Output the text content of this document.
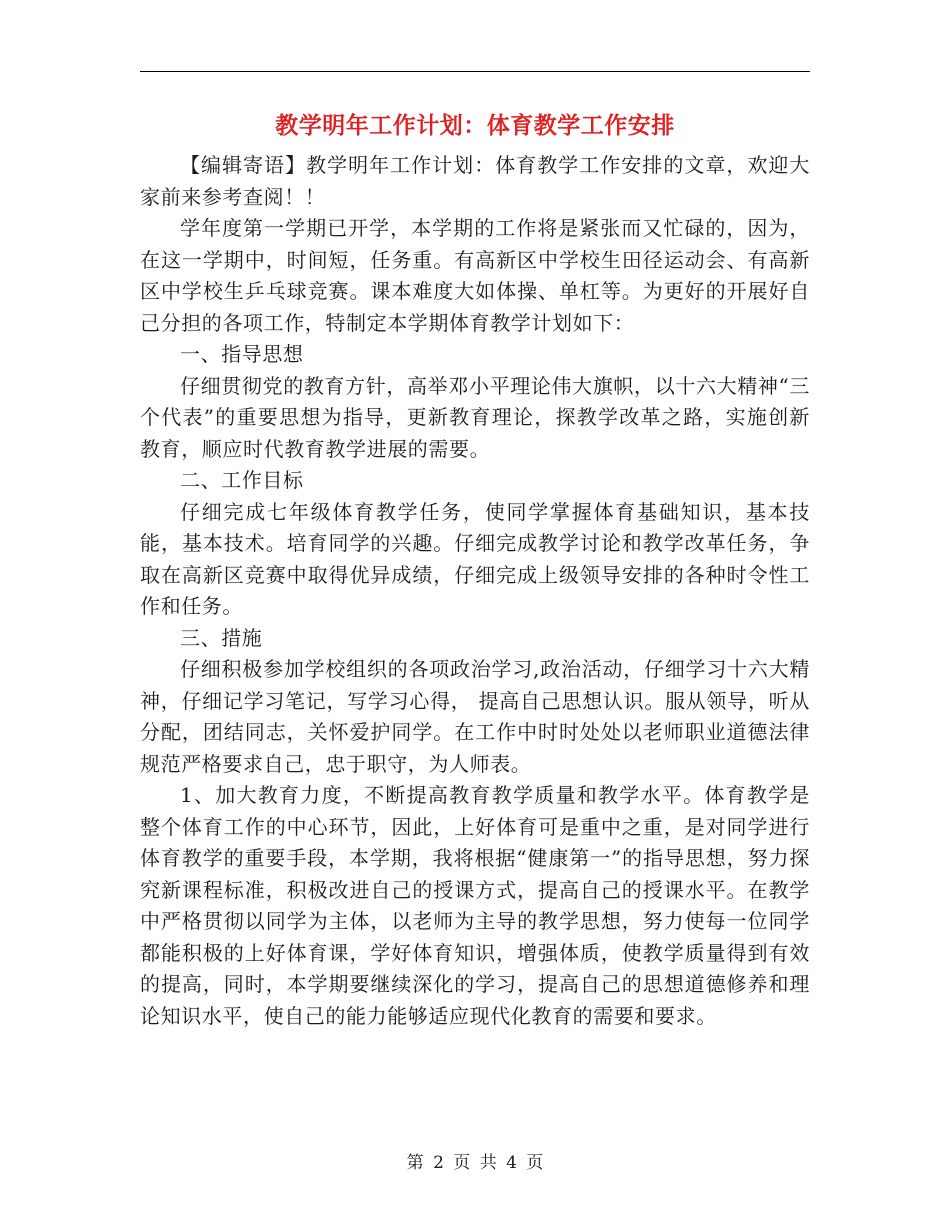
教学明年工作计划：体育教学工作安排

【编辑寄语】教学明年工作计划：体育教学工作安排的文章，欢迎大家前来参考查阅！！

学年度第一学期已开学，本学期的工作将是紧张而又忙碌的，因为，在这一学期中，时间短，任务重。有高新区中学校生田径运动会、有高新区中学校生乒乓球竞赛。课本难度大如体操、单杠等。为更好的开展好自己分担的各项工作，特制定本学期体育教学计划如下：

一、指导思想

仔细贯彻党的教育方针，高举邓小平理论伟大旗帜，以十六大精神“三个代表”的重要思想为指导，更新教育理论，探教学改革之路，实施创新教育，顺应时代教育教学进展的需要。

二、工作目标

仔细完成七年级体育教学任务，使同学掌握体育基础知识，基本技能，基本技术。培育同学的兴趣。仔细完成教学讨论和教学改革任务，争取在高新区竞赛中取得优异成绩，仔细完成上级领导安排的各种时令性工作和任务。

三、措施

仔细积极参加学校组织的各项政治学习,政治活动，仔细学习十六大精神，仔细记学习笔记，写学习心得， 提高自己思想认识。服从领导，听从分配，团结同志，关怀爱护同学。在工作中时时处处以老师职业道德法律规范严格要求自己，忠于职守，为人师表。

1、加大教育力度，不断提高教育教学质量和教学水平。体育教学是整个体育工作的中心环节，因此，上好体育可是重中之重，是对同学进行体育教学的重要手段，本学期，我将根据“健康第一”的指导思想，努力探究新课程标准，积极改进自己的授课方式，提高自己的授课水平。在教学中严格贯彻以同学为主体，以老师为主导的教学思想，努力使每一位同学都能积极的上好体育课，学好体育知识，增强体质，使教学质量得到有效的提高，同时，本学期要继续深化的学习，提高自己的思想道德修养和理论知识水平，使自己的能力能够适应现代化教育的需要和要求。

第 2 页 共 4 页
